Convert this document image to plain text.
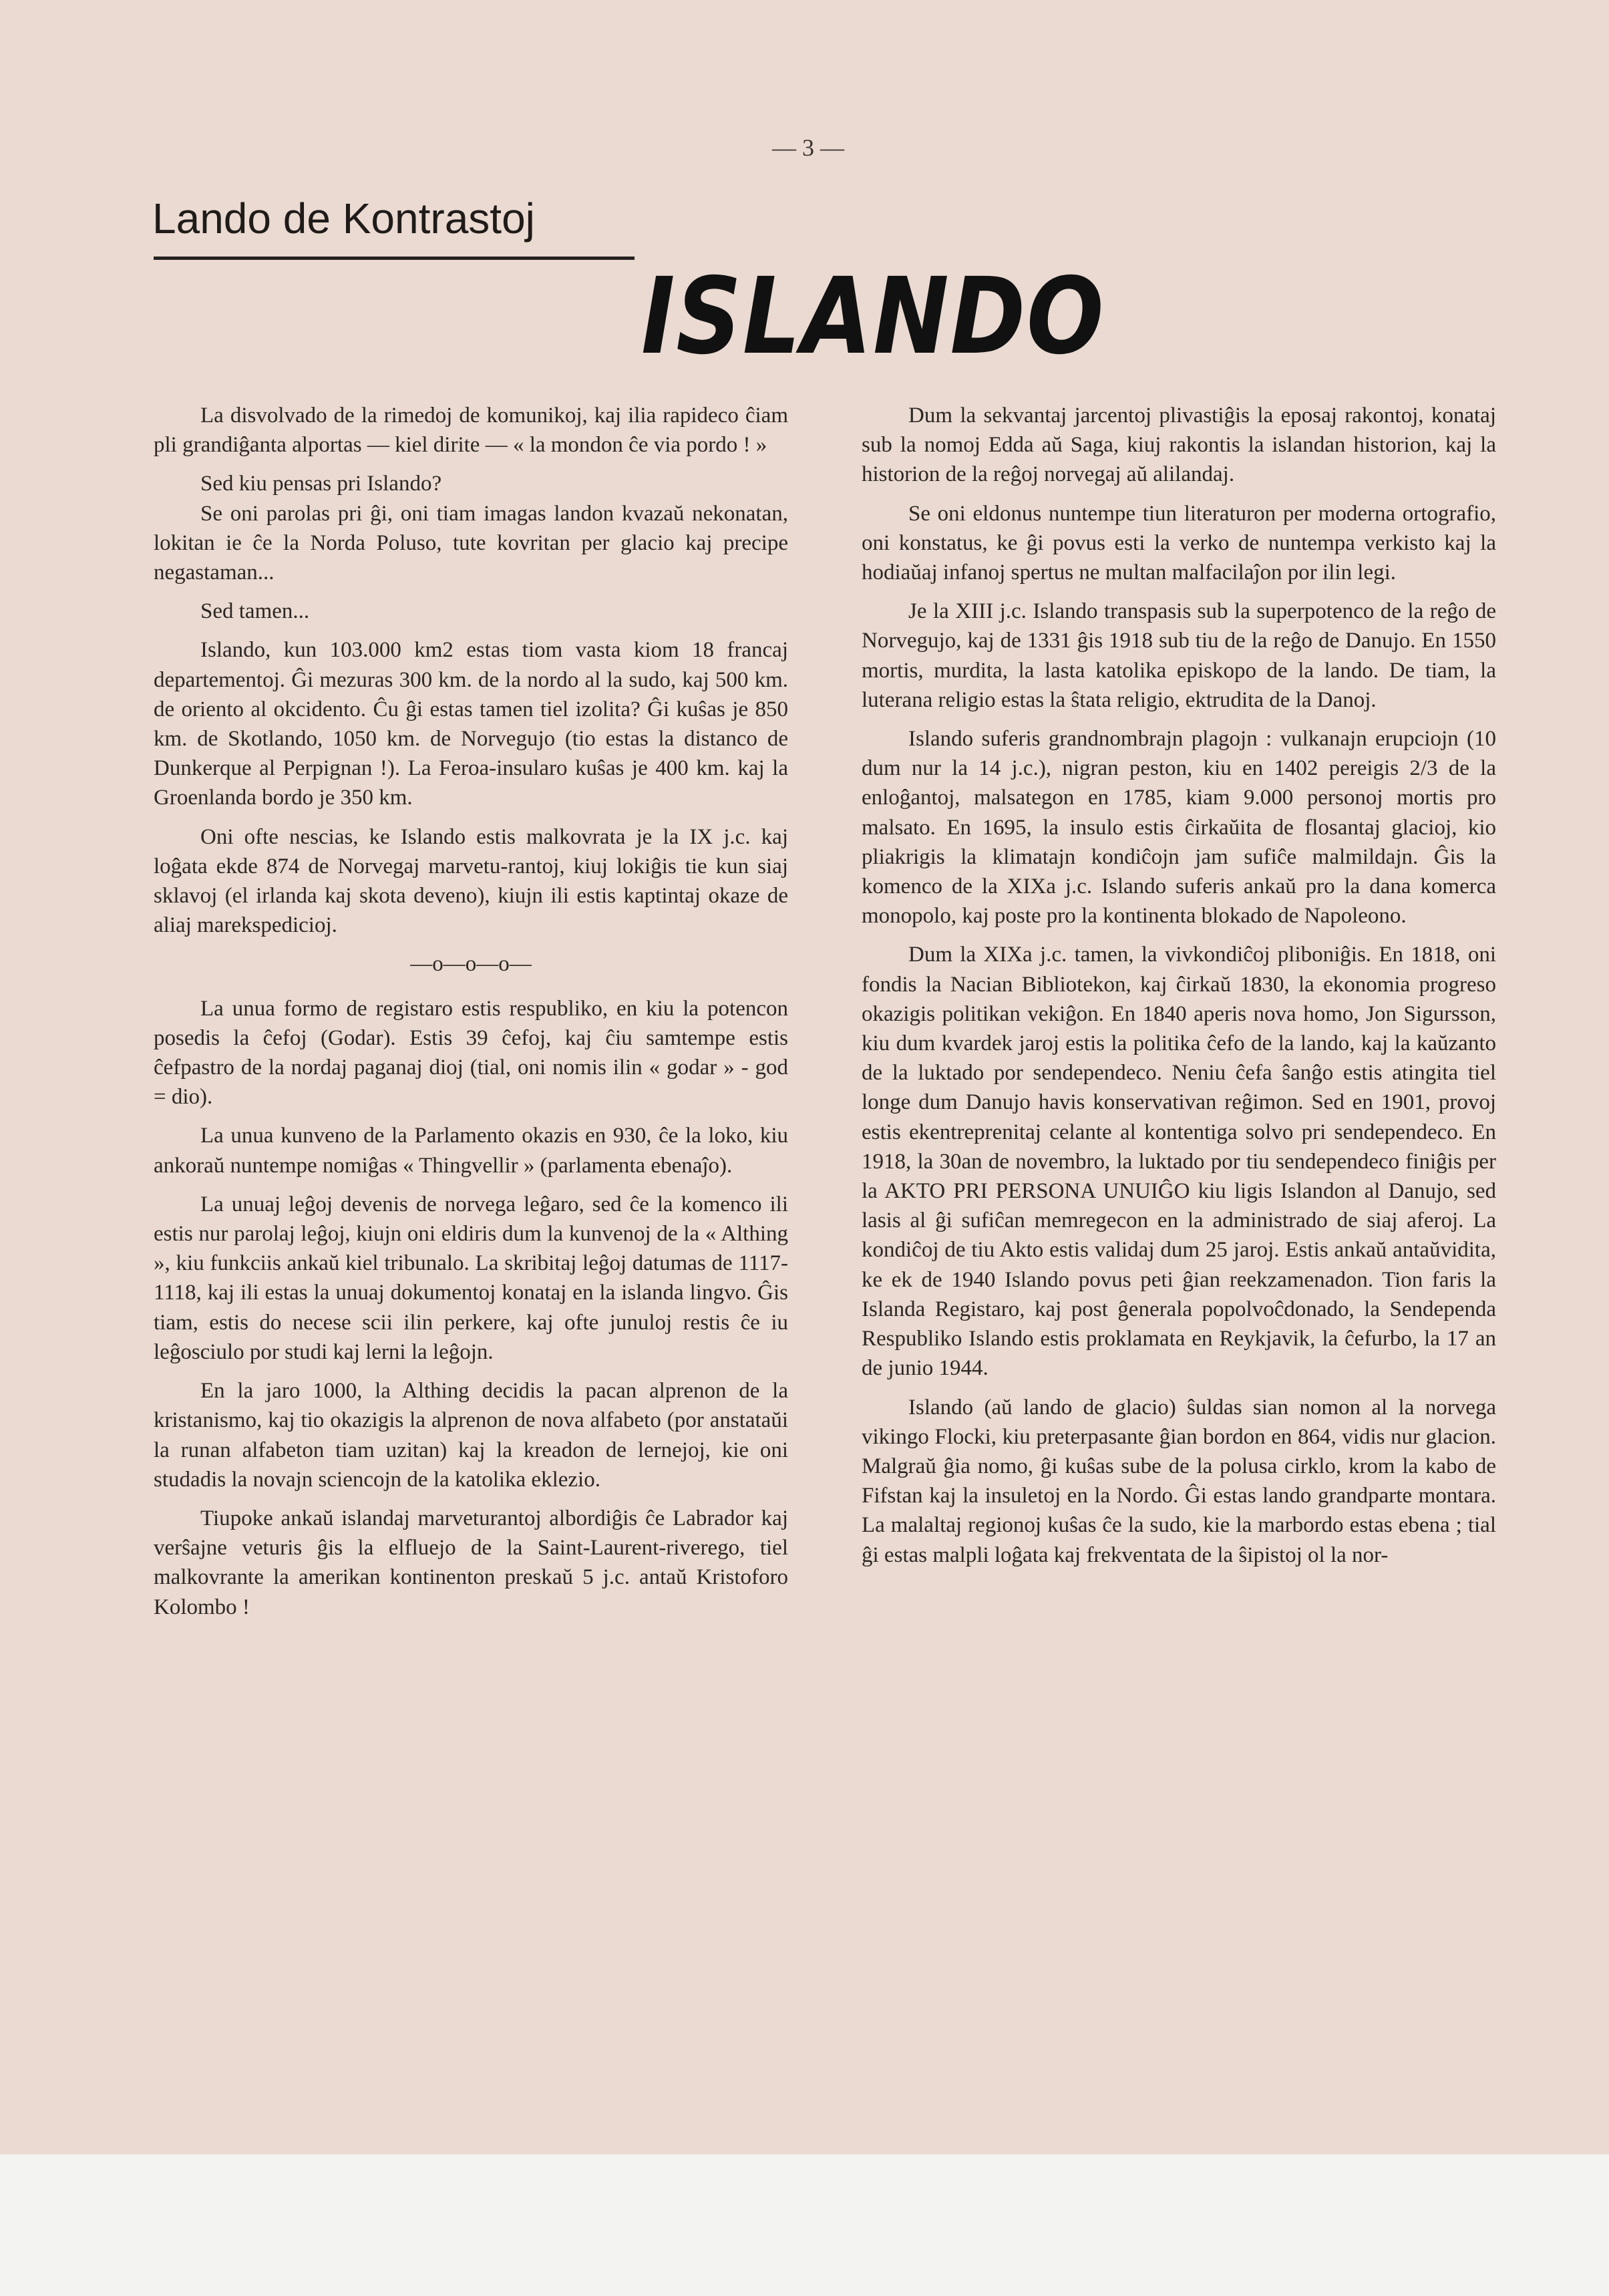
— 3 —
Lando de Kontrastoj
ISLANDO

La disvolvado de la rimedoj de komunikoj, kaj ilia rapideco ĉiam pli grandiĝanta alportas — kiel dirite — « la mondon ĉe via pordo ! »

Sed kiu pensas pri Islando?

Se oni parolas pri ĝi, oni tiam imagas landon kvazaŭ nekonatan, lokitan ie ĉe la Norda Poluso, tute kovritan per glacio kaj precipe negastaman...

Sed tamen...

Islando, kun 103.000 km2 estas tiom vasta kiom 18 francaj departementoj. Ĝi mezuras 300 km. de la nordo al la sudo, kaj 500 km. de oriento al okcidento. Ĉu ĝi estas tamen tiel izolita? Ĝi kuŝas je 850 km. de Skotlando, 1050 km. de Norvegujo (tio estas la distanco de Dunkerque al Perpignan !). La Feroa-insularo kuŝas je 400 km. kaj la Groenlanda bordo je 350 km.

Oni ofte nescias, ke Islando estis malkovrata je la IX j.c. kaj loĝata ekde 874 de Norvegaj marvetu-rantoj, kiuj lokiĝis tie kun siaj sklavoj (el irlanda kaj skota deveno), kiujn ili estis kaptintaj okaze de aliaj marekspedicioj.

—o—o—o—

La unua formo de registaro estis respubliko, en kiu la potencon posedis la ĉefoj (Godar). Estis 39 ĉefoj, kaj ĉiu samtempe estis ĉefpastro de la nordaj paganaj dioj (tial, oni nomis ilin « godar » - god = dio).

La unua kunveno de la Parlamento okazis en 930, ĉe la loko, kiu ankoraŭ nuntempe nomiĝas « Thingvellir » (parlamenta ebenaĵo).

La unuaj leĝoj devenis de norvega leĝaro, sed ĉe la komenco ili estis nur parolaj leĝoj, kiujn oni eldiris dum la kunvenoj de la « Althing », kiu funkciis ankaŭ kiel tribunalo. La skribitaj leĝoj datumas de 1117-1118, kaj ili estas la unuaj dokumentoj konataj en la islanda lingvo. Ĝis tiam, estis do necese scii ilin perkere, kaj ofte junuloj restis ĉe iu leĝosciulo por studi kaj lerni la leĝojn.

En la jaro 1000, la Althing decidis la pacan alprenon de la kristanismo, kaj tio okazigis la alprenon de nova alfabeto (por anstataŭi la runan alfabeton tiam uzitan) kaj la kreadon de lernejoj, kie oni studadis la novajn sciencojn de la katolika eklezio.

Tiupoke ankaŭ islandaj marveturantoj albordiĝis ĉe Labrador kaj verŝajne veturis ĝis la elfluejo de la Saint-Laurent-riverego, tiel malkovrante la amerikan kontinenton preskaŭ 5 j.c. antaŭ Kristoforo Kolombo !

Dum la sekvantaj jarcentoj plivastiĝis la eposaj rakontoj, konataj sub la nomoj Edda aŭ Saga, kiuj rakontis la islandan historion, kaj la historion de la reĝoj norvegaj aŭ alilandaj.

Se oni eldonus nuntempe tiun literaturon per moderna ortografio, oni konstatus, ke ĝi povus esti la verko de nuntempa verkisto kaj la hodiaŭaj infanoj spertus ne multan malfacilaĵon por ilin legi.

Je la XIII j.c. Islando transpasis sub la superpotenco de la reĝo de Norvegujo, kaj de 1331 ĝis 1918 sub tiu de la reĝo de Danujo. En 1550 mortis, murdita, la lasta katolika episkopo de la lando. De tiam, la luterana religio estas la ŝtata religio, ektrudita de la Danoj.

Islando suferis grandnombrajn plagojn : vulkanajn erupciojn (10 dum nur la 14 j.c.), nigran peston, kiu en 1402 pereigis 2/3 de la enloĝantoj, malsategon en 1785, kiam 9.000 personoj mortis pro malsato. En 1695, la insulo estis ĉirkaŭita de flosantaj glacioj, kio pliakrigis la klimatajn kondiĉojn jam sufiĉe malmildajn. Ĝis la komenco de la XIXa j.c. Islando suferis ankaŭ pro la dana komerca monopolo, kaj poste pro la kontinenta blokado de Napoleono.

Dum la XIXa j.c. tamen, la vivkondiĉoj pliboniĝis. En 1818, oni fondis la Nacian Bibliotekon, kaj ĉirkaŭ 1830, la ekonomia progreso okazigis politikan vekiĝon. En 1840 aperis nova homo, Jon Sigursson, kiu dum kvardek jaroj estis la politika ĉefo de la lando, kaj la kaŭzanto de la luktado por sendependeco. Neniu ĉefa ŝanĝo estis atingita tiel longe dum Danujo havis konservativan reĝimon. Sed en 1901, provoj estis ekentreprenitaj celante al kontentiga solvo pri sendependeco. En 1918, la 30an de novembro, la luktado por tiu sendependeco finiĝis per la AKTO PRI PERSONA UNUIĜO kiu ligis Islandon al Danujo, sed lasis al ĝi sufiĉan memregecon en la administrado de siaj aferoj. La kondiĉoj de tiu Akto estis validaj dum 25 jaroj. Estis ankaŭ antaŭvidita, ke ek de 1940 Islando povus peti ĝian reekzamenadon. Tion faris la Islanda Registaro, kaj post ĝenerala popolvoĉdonado, la Sendependa Respubliko Islando estis proklamata en Reykjavik, la ĉefurbo, la 17 an de junio 1944.

Islando (aŭ lando de glacio) ŝuldas sian nomon al la norvega vikingo Flocki, kiu preterpasante ĝian bordon en 864, vidis nur glacion. Malgraŭ ĝia nomo, ĝi kuŝas sube de la polusa cirklo, krom la kabo de Fifstan kaj la insuletoj en la Nordo. Ĝi estas lando grandparte montara. La malaltaj regionoj kuŝas ĉe la sudo, kie la marbordo estas ebena ; tial ĝi estas malpli loĝata kaj frekventata de la ŝipistoj ol la nor-
